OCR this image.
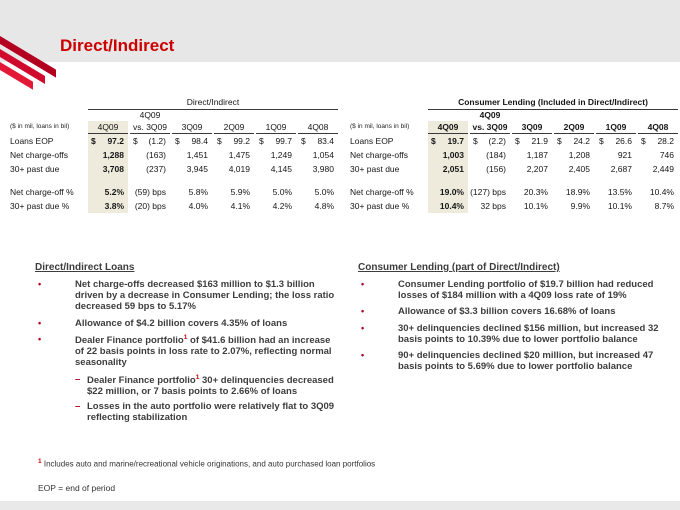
Direct/Indirect
Direct/Indirect
4Q09
($ in mil, loans in bil)	4Q09	vs. 3Q09	3Q09	2Q09	1Q09	4Q08
Loans EOP	$ 97.2 $ (1.2) $ 98.4 $ 99.2 $ 99.7 $ 83.4
Net charge-offs	1,288	(163)	1,451	1,475	1,249	1,054
30+ past due	3,708	(237)	3,945	4,019	4,145	3,980
Net charge-off %	5.2%	(59) bps	5.8%	5.9%	5.0%	5.0%
30+ past due %	3.8%	(20) bps	4.0%	4.1%	4.2%	4.8%
Consumer Lending (Included in Direct/Indirect)
4Q09
($ in mil, loans in bil)	4Q09	vs. 3Q09	3Q09	2Q09	1Q09	4Q08
Loans EOP	$ 19.7 $ (2.2) $ 21.9 $ 24.2 $ 26.6 $ 28.2
Net charge-offs	1,003	(184)	1,187	1,208	921	746
30+ past due	2,051	(156)	2,207	2,405	2,687	2,449
Net charge-off %	19.0% (127) bps	20.3%	18.9%	13.5%	10.4%
30+ past due %	10.4%	32 bps	10.1%	9.9%	10.1%	8.7%
Direct/Indirect Loans
•	Net charge-offs decreased $163 million to $1.3 billion driven by a decrease in Consumer Lending; the loss ratio decreased 59 bps to 5.17%
•	Allowance of $4.2 billion covers 4.35% of loans
•	Dealer Finance portfolio$^1$ of $41.6 billion had an increase of 22 basis points in loss rate to 2.07%, reflecting normal seasonality
– Dealer Finance portfolio$^1$ 30+ delinquencies decreased $22 million, or 7 basis points to 2.66% of loans
– Losses in the auto portfolio were relatively flat to 3Q09 reflecting stabilization
Consumer Lending (part of Direct/Indirect)
•	Consumer Lending portfolio of $19.7 billion had reduced losses of $184 million with a 4Q09 loss rate of 19%
•	Allowance of $3.3 billion covers 16.68% of loans
•	30+ delinquencies declined $156 million, but increased 32 basis points to 10.39% due to lower portfolio balance
•	90+ delinquencies declined $20 million, but increased 47 basis points to 5.69% due to lower portfolio balance
$^1$ Includes auto and marine/recreational vehicle originations, and auto purchased loan portfolios
EOP = end of period
